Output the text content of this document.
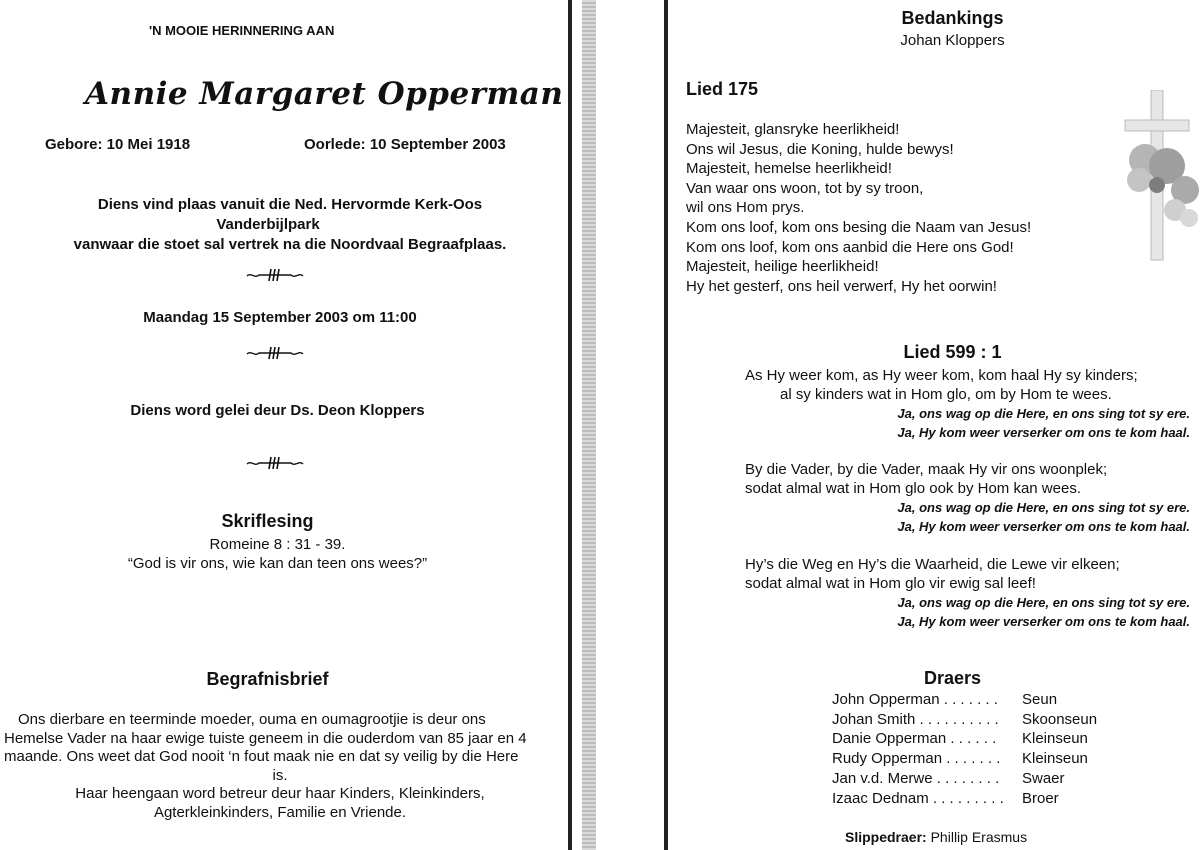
'N MOOIE HERINNERING AAN
Annie Margaret Opperman
Gebore: 10 Mei 1918	Oorlede: 10 September 2003
Diens vind plaas vanuit die Ned. Hervormde Kerk-Oos
Vanderbijlpark
vanwaar die stoet sal vertrek na die Noordvaal Begraafplaas.
Maandag 15 September 2003 om 11:00
Diens word gelei deur Ds. Deon Kloppers
Skriflesing
Romeine 8 : 31 - 39.
“God is vir ons, wie kan dan teen ons wees?”
Begrafnisbrief
Ons dierbare en teerminde moeder, ouma en oumagrootjie is deur ons
Hemelse Vader na haar ewige tuiste geneem in die ouderdom van 85 jaar en 4
maande. Ons weet dat God nooit ‘n fout maak nie en dat sy veilig by die Here
is.
Haar heengaan word betreur deur haar Kinders, Kleinkinders,
Agterkleinkinders, Familie en Vriende.
Bedankings
Johan Kloppers
Lied 175
Majesteit, glansryke heerlikheid!
Ons wil Jesus, die Koning, hulde bewys!
Majesteit, hemelse heerlikheid!
Van waar ons woon, tot by sy troon,
wil ons Hom prys.
Kom ons loof, kom ons besing die Naam van Jesus!
Kom ons loof, kom ons aanbid die Here ons God!
Majesteit, heilige heerlikheid!
Hy het gesterf, ons heil verwerf, Hy het oorwin!
Lied 599 : 1
As Hy weer kom, as Hy weer kom, kom haal Hy sy kinders;
al sy kinders wat in Hom glo, om by Hom te wees.
Ja, ons wag op die Here, en ons sing tot sy ere.
Ja, Hy kom weer verserker om ons te kom haal.
By die Vader, by die Vader, maak Hy vir ons woonplek;
sodat almal wat in Hom glo ook by Hom kan wees.
Ja, ons wag op die Here, en ons sing tot sy ere.
Ja, Hy kom weer verserker om ons te kom haal.
Hy’s die Weg en Hy’s die Waarheid, die Lewe vir elkeen;
sodat almal wat in Hom glo vir ewig sal leef!
Ja, ons wag op die Here, en ons sing tot sy ere.
Ja, Hy kom weer verserker om ons te kom haal.
Draers
John Opperman . . . . . . .	Seun
Johan Smith . . . . . . . . . .	Skoonseun
Danie Opperman . . . . . .	Kleinseun
Rudy Opperman . . . . . . .	Kleinseun
Jan v.d. Merwe . . . . . . . .	Swaer
Izaac Dednam . . . . . . . . .	Broer
Slippedraer: Phillip Erasmus
